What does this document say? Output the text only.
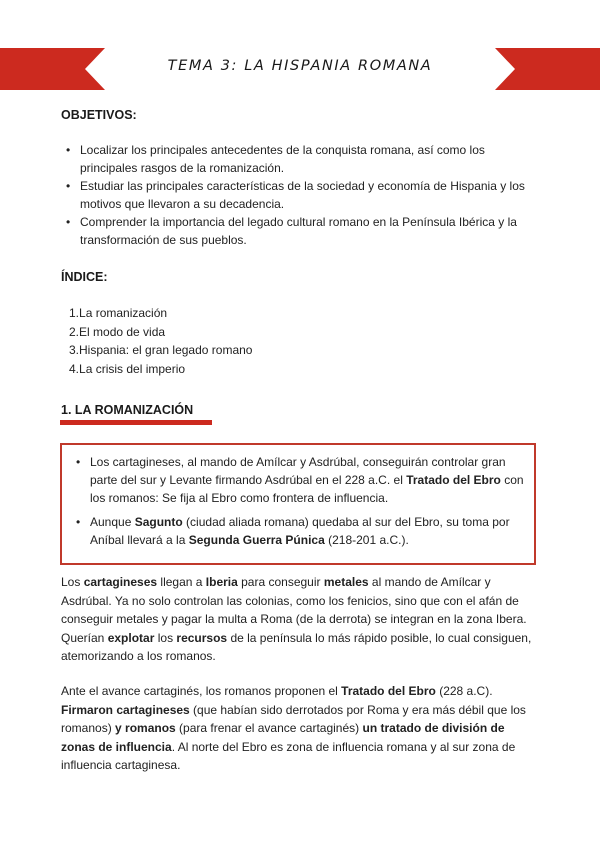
TEMA 3: LA HISPANIA ROMANA
OBJETIVOS:
• Localizar los principales antecedentes de la conquista romana, así como los principales rasgos de la romanización.
• Estudiar las principales características de la sociedad y economía de Hispania y los motivos que llevaron a su decadencia.
• Comprender la importancia del legado cultural romano en la Península Ibérica y la transformación de sus pueblos.
ÍNDICE:
1.La romanización
2.El modo de vida
3.Hispania: el gran legado romano
4.La crisis del imperio
1. LA ROMANIZACIÓN
• Los cartagineses, al mando de Amílcar y Asdrúbal, conseguirán controlar gran parte del sur y Levante firmando Asdrúbal en el 228 a.C. el Tratado del Ebro con los romanos: Se fija al Ebro como frontera de influencia.
• Aunque Sagunto (ciudad aliada romana) quedaba al sur del Ebro, su toma por Aníbal llevará a la Segunda Guerra Púnica (218-201 a.C.).

Los cartagineses llegan a Iberia para conseguir metales al mando de Amílcar y Asdrúbal. Ya no solo controlan las colonias, como los fenicios, sino que con el afán de conseguir metales y pagar la multa a Roma (de la derrota) se integran en la zona Ibera. Querían explotar los recursos de la península lo más rápido posible, lo cual consiguen, atemorizando a los romanos.

Ante el avance cartaginés, los romanos proponen el Tratado del Ebro (228 a.C). Firmaron cartagineses (que habían sido derrotados por Roma y era más débil que los romanos) y romanos (para frenar el avance cartaginés) un tratado de división de zonas de influencia. Al norte del Ebro es zona de influencia romana y al sur zona de influencia cartaginesa.
